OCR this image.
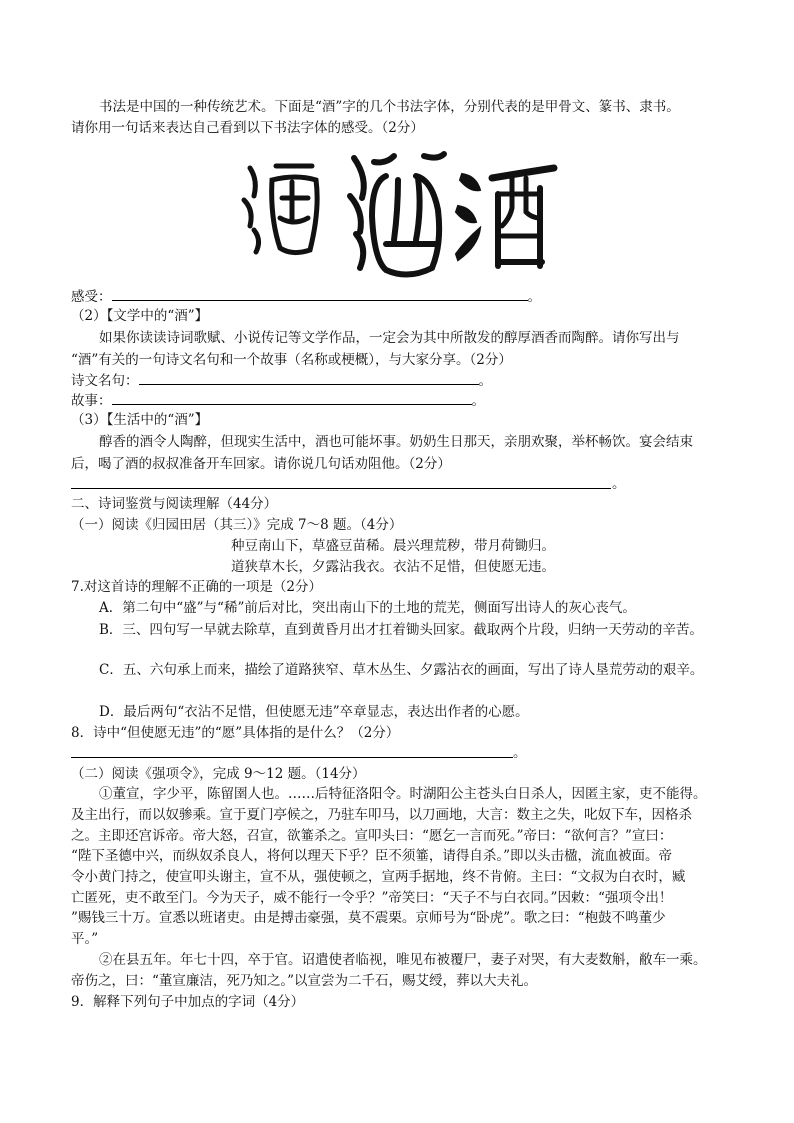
书法是中国的一种传统艺术。下面是“酒”字的几个书法字体，分别代表的是甲骨文、篆书、隶书。
请你用一句话来表达自己看到以下书法字体的感受。（2分）
感受：	。
（2）【文学中的“酒”】
如果你读读诗词歌赋、小说传记等文学作品，一定会为其中所散发的醇厚酒香而陶醉。请你写出与
“酒”有关的一句诗文名句和一个故事（名称或梗概），与大家分享。（2分）
诗文名句：	。
故事：	。
（3）【生活中的“酒”】
醇香的酒令人陶醉，但现实生活中，酒也可能坏事。奶奶生日那天，亲朋欢聚，举杯畅饮。宴会结束
后，喝了酒的叔叔准备开车回家。请你说几句话劝阻他。（2分）
。
二、诗词鉴赏与阅读理解（44分）
（一）阅读《归园田居（其三）》完成 7～8 题。（4分）
种豆南山下，草盛豆苗稀。晨兴理荒秽，带月荷锄归。
道狭草木长，夕露沾我衣。衣沾不足惜，但使愿无违。
7.对这首诗的理解不正确的一项是（2分）
A．第二句中“盛”与“稀”前后对比，突出南山下的土地的荒芜，侧面写出诗人的灰心丧气。
B．三、四句写一早就去除草，直到黄昏月出才扛着锄头回家。截取两个片段，归纳一天劳动的辛苦。
C．五、六句承上而来，描绘了道路狭窄、草木丛生、夕露沾衣的画面，写出了诗人垦荒劳动的艰辛。
D．最后两句“衣沾不足惜，但使愿无违”卒章显志，表达出作者的心愿。
8．诗中“但使愿无违”的“愿”具体指的是什么？（2分）
。
（二）阅读《强项令》，完成 9～12 题。（14分）
①董宣，字少平，陈留圉人也。……后特征洛阳令。时湖阳公主苍头白日杀人，因匿主家，吏不能得。
及主出行，而以奴骖乘。宣于夏门亭候之，乃驻车叩马，以刀画地，大言：数主之失，叱奴下车，因格杀
之。主即还宫诉帝。帝大怒，召宣，欲箠杀之。宣叩头曰：“愿乞一言而死。”帝曰：“欲何言？”宣曰：
“陛下圣德中兴，而纵奴杀良人，将何以理天下乎？臣不须箠，请得自杀。”即以头击楹，流血被面。帝
令小黄门持之，使宣叩头谢主，宣不从，强使顿之，宣两手据地，终不肯俯。主曰：“文叔为白衣时，臧
亡匿死，吏不敢至门。今为天子，威不能行一令乎？”帝笑曰：“天子不与白衣同。”因敕：“强项令出！
”赐钱三十万。宣悉以班诸吏。由是搏击豪强，莫不震栗。京师号为“卧虎”。歌之曰：“枹鼓不鸣董少
平。”
②在县五年。年七十四，卒于官。诏遣使者临视，唯见布被覆尸，妻子对哭，有大麦数斛，敝车一乘。
帝伤之，曰：“董宣廉洁，死乃知之。”以宣尝为二千石，赐艾绶，葬以大夫礼。
9．解释下列句子中加点的字词（4分）
